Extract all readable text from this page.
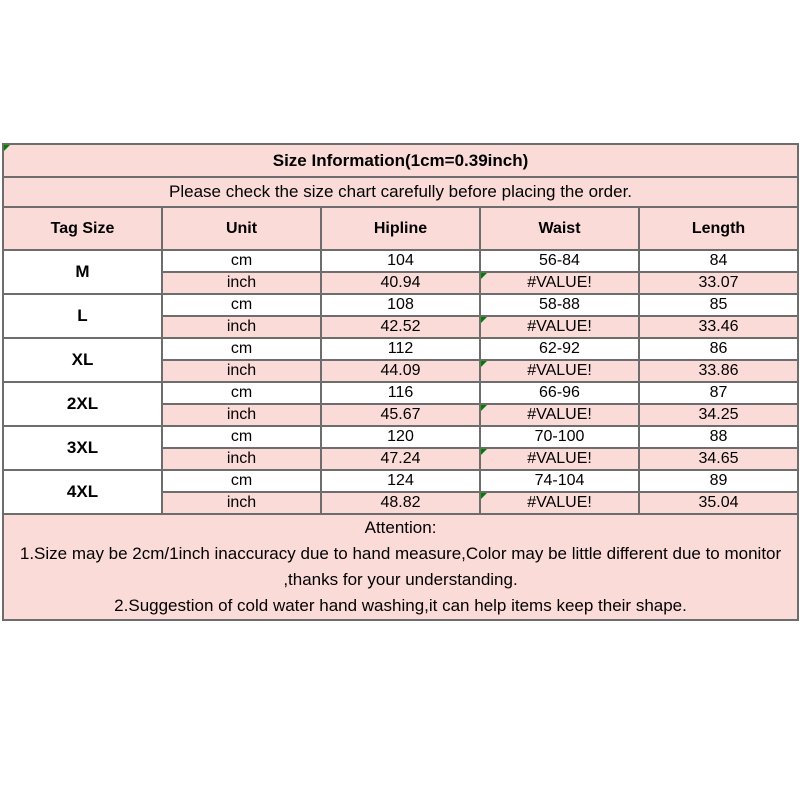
Size Information(1cm=0.39inch)				
Please check the size chart carefully before placing the order.				
Tag Size	Unit	Hipline	Waist	Length
M	cm	104	56-84	84
	inch	40.94	#VALUE!	33.07
L	cm	108	58-88	85
	inch	42.52	#VALUE!	33.46
XL	cm	112	62-92	86
	inch	44.09	#VALUE!	33.86
2XL	cm	116	66-96	87
	inch	45.67	#VALUE!	34.25
3XL	cm	120	70-100	88
	inch	47.24	#VALUE!	34.65
4XL	cm	124	74-104	89
	inch	48.82	#VALUE!	35.04

Attention:
1.Size may be 2cm/1inch inaccuracy due to hand measure,Color may be little different due to monitor
,thanks for your understanding.
2.Suggestion of cold water hand washing,it can help items keep their shape.				
